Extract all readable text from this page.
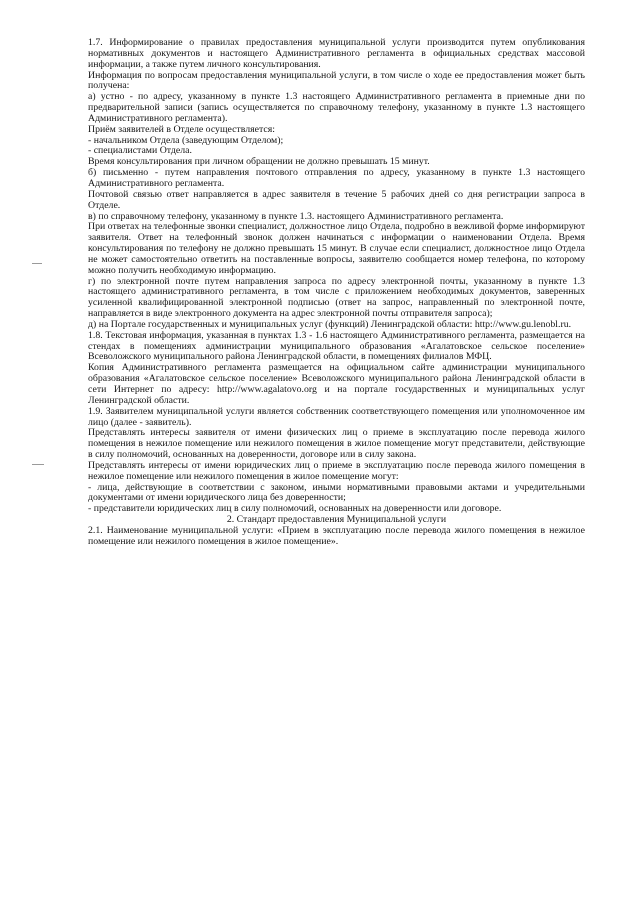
1.7. Информирование о правилах предоставления муниципальной услуги производится путем опубликования нормативных документов и настоящего Административного регламента в официальных средствах массовой информации, а также путем личного консультирования.

Информация по вопросам предоставления муниципальной услуги, в том числе о ходе ее предоставления может быть получена:

а) устно - по адресу, указанному в пункте 1.3 настоящего Административного регламента в приемные дни по предварительной записи (запись осуществляется по справочному телефону, указанному в пункте 1.3 настоящего Административного регламента).

Приём заявителей в Отделе осуществляется:

- начальником Отдела (заведующим Отделом);

- специалистами Отдела.

Время консультирования при личном обращении не должно превышать 15 минут.

б) письменно - путем направления почтового отправления по адресу, указанному в пункте 1.3 настоящего Административного регламента.

Почтовой связью ответ направляется в адрес заявителя в течение 5 рабочих дней со дня регистрации запроса в Отделе.

в) по справочному телефону, указанному в пункте 1.3. настоящего Административного регламента.

При ответах на телефонные звонки специалист, должностное лицо Отдела, подробно в вежливой форме информируют заявителя. Ответ на телефонный звонок должен начинаться с информации о наименовании Отдела. Время консультирования по телефону не должно превышать 15 минут. В случае если специалист, должностное лицо Отдела не может самостоятельно ответить на поставленные вопросы, заявителю сообщается номер телефона, по которому можно получить необходимую информацию.

г) по электронной почте путем направления запроса по адресу электронной почты, указанному в пункте 1.3 настоящего административного регламента, в том числе с приложением необходимых документов, заверенных усиленной квалифицированной электронной подписью (ответ на запрос, направленный по электронной почте, направляется в виде электронного документа на адрес электронной почты отправителя запроса);

д) на Портале государственных и муниципальных услуг (функций) Ленинградской области: http://www.gu.lenobl.ru.

1.8. Текстовая информация, указанная в пунктах 1.3 - 1.6 настоящего Административного регламента, размещается на стендах в помещениях администрации муниципального образования «Агалатовское сельское поселение» Всеволожского муниципального района Ленинградской области, в помещениях филиалов МФЦ.

Копия Административного регламента размещается на официальном сайте администрации муниципального образования «Агалатовское сельское поселение» Всеволожского муниципального района Ленинградской области в сети Интернет по адресу: http://www.agalatovo.org и на портале государственных и муниципальных услуг Ленинградской области.

1.9. Заявителем муниципальной услуги является собственник соответствующего помещения или уполномоченное им лицо (далее - заявитель).

Представлять интересы заявителя от имени физических лиц о приеме в эксплуатацию после перевода жилого помещения в нежилое помещение или нежилого помещения в жилое помещение могут представители, действующие в силу полномочий, основанных на доверенности, договоре или в силу закона.

Представлять интересы от имени юридических лиц о приеме в эксплуатацию после перевода жилого помещения в нежилое помещение или нежилого помещения в жилое помещение могут:

- лица, действующие в соответствии с законом, иными нормативными правовыми актами и учредительными документами от имени юридического лица без доверенности;

- представители юридических лиц в силу полномочий, основанных на доверенности или договоре.

2. Стандарт предоставления Муниципальной услуги

2.1. Наименование муниципальной услуги: «Прием в эксплуатацию после перевода жилого помещения в нежилое помещение или нежилого помещения в жилое помещение».
